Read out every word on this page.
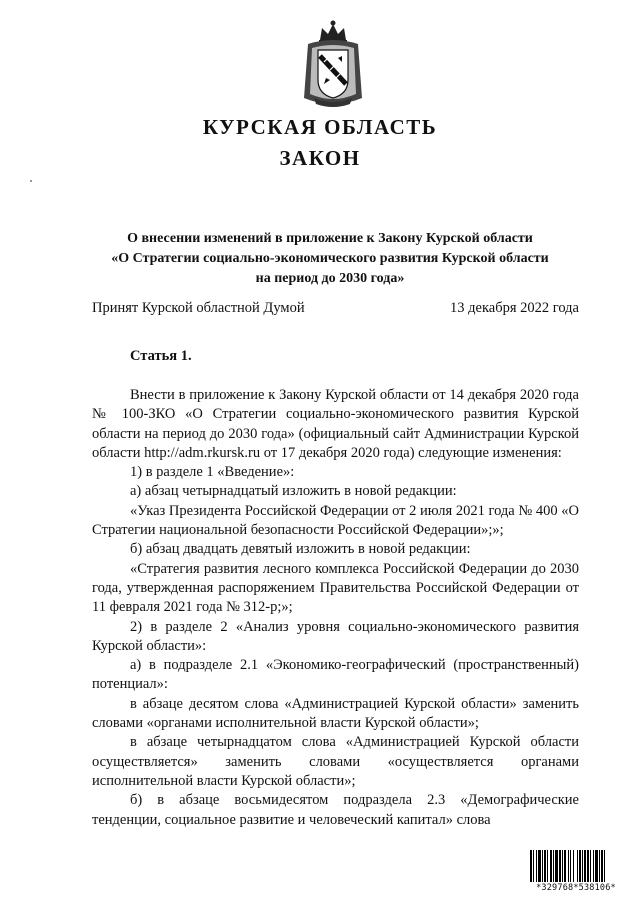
КУРСКАЯ ОБЛАСТЬ
ЗАКОН
О внесении изменений в приложение к Закону Курской области
«О Стратегии социально-экономического развития Курской области
на период до 2030 года»
Принят Курской областной Думой	13 декабря 2022 года
Статья 1.

Внести в приложение к Закону Курской области от 14 декабря 2020 года № 100-ЗКО «О Стратегии социально-экономического развития Курской области на период до 2030 года» (официальный сайт Администрации Курской области http://adm.rkursk.ru от 17 декабря 2020 года) следующие изменения:

1) в разделе 1 «Введение»:

а) абзац четырнадцатый изложить в новой редакции:

«Указ Президента Российской Федерации от 2 июля 2021 года № 400 «О Стратегии национальной безопасности Российской Федерации»;»;

б) абзац двадцать девятый изложить в новой редакции:

«Стратегия развития лесного комплекса Российской Федерации до 2030 года, утвержденная распоряжением Правительства Российской Федерации от 11 февраля 2021 года № 312-р;»;

2) в разделе 2 «Анализ уровня социально-экономического развития Курской области»:

а) в подразделе 2.1 «Экономико-географический (пространственный) потенциал»:

в абзаце десятом слова «Администрацией Курской области» заменить словами «органами исполнительной власти Курской области»;

в абзаце четырнадцатом слова «Администрацией Курской области осуществляется» заменить словами «осуществляется органами исполнительной власти Курской области»;

б) в абзаце восьмидесятом подраздела 2.3 «Демографические тенденции, социальное развитие и человеческий капитал» слова

*329768*538106*
